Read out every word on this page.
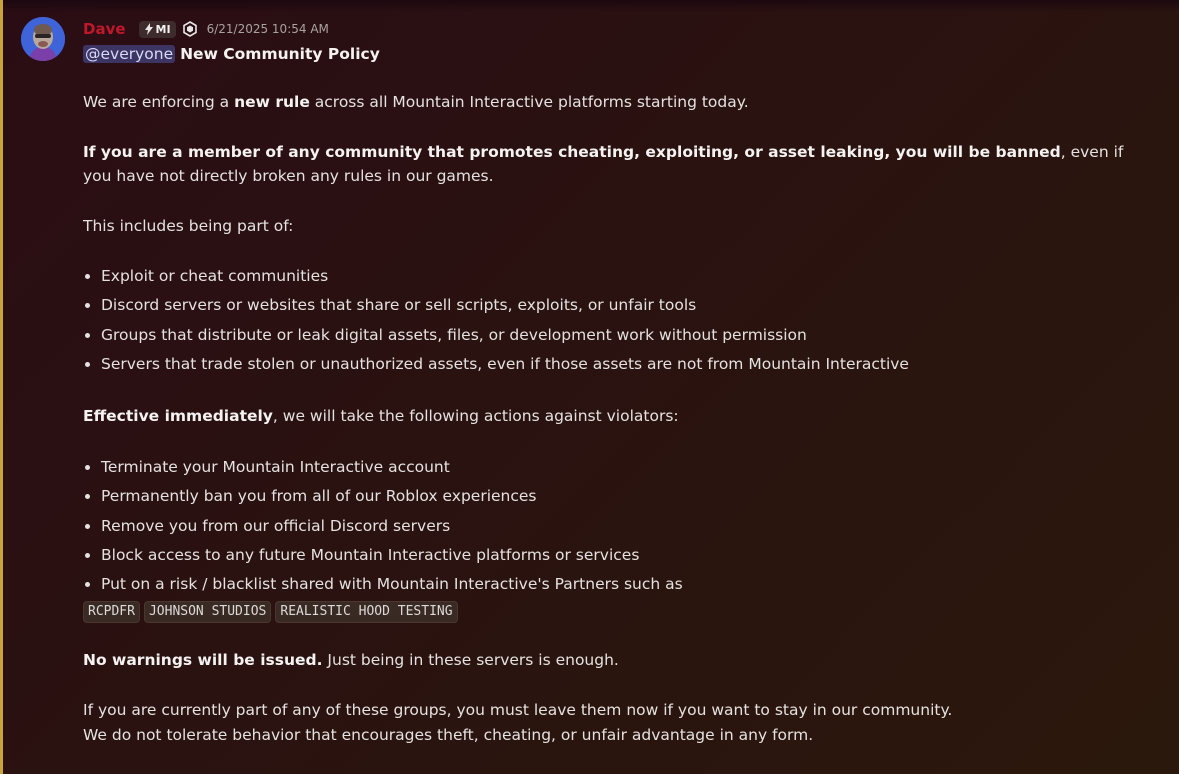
Dave	MI	6/21/2025 10:54 AM

@everyone New Community Policy

We are enforcing a new rule across all Mountain Interactive platforms starting today.

If you are a member of any community that promotes cheating, exploiting, or asset leaking, you will be banned, even if you have not directly broken any rules in our games.

This includes being part of:

• Exploit or cheat communities
• Discord servers or websites that share or sell scripts, exploits, or unfair tools
• Groups that distribute or leak digital assets, files, or development work without permission
• Servers that trade stolen or unauthorized assets, even if those assets are not from Mountain Interactive

Effective immediately, we will take the following actions against violators:

• Terminate your Mountain Interactive account
• Permanently ban you from all of our Roblox experiences
• Remove you from our official Discord servers
• Block access to any future Mountain Interactive platforms or services
• Put on a risk / blacklist shared with Mountain Interactive's Partners such as
RCPDFR	JOHNSON STUDIOS	REALISTIC HOOD TESTING

No warnings will be issued. Just being in these servers is enough.

If you are currently part of any of these groups, you must leave them now if you want to stay in our community.

We do not tolerate behavior that encourages theft, cheating, or unfair advantage in any form.
